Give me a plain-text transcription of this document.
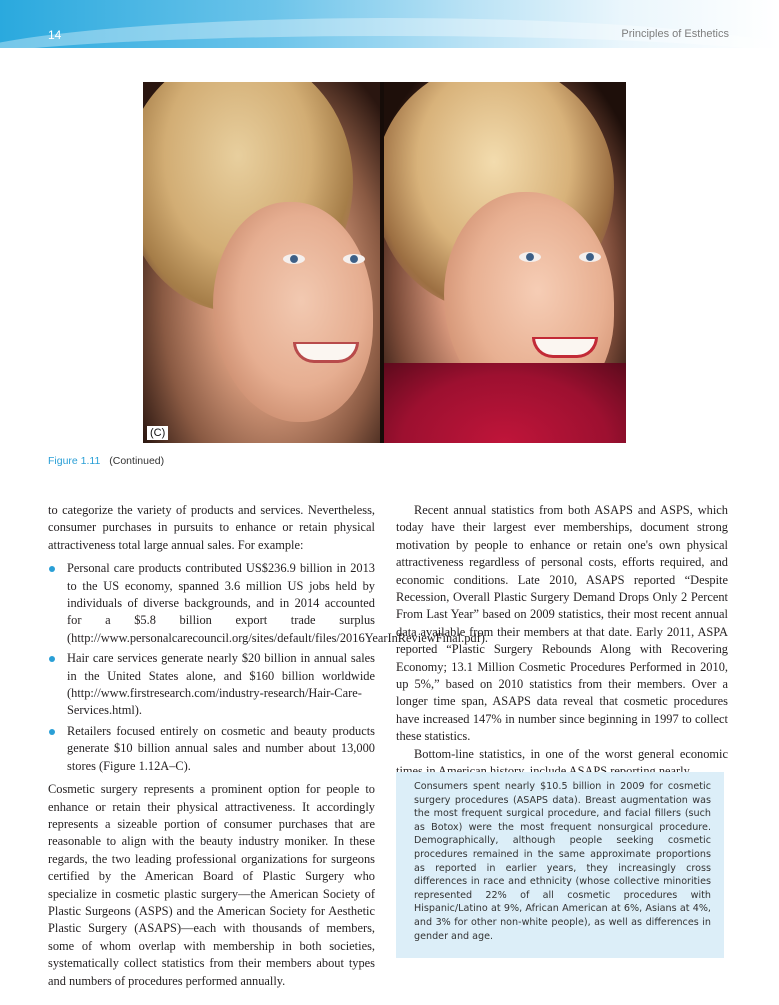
14	Principles of Esthetics
(C)
Figure 1.11 (Continued)

to categorize the variety of products and services. Nevertheless, consumer purchases in pursuits to enhance or retain physical attractiveness total large annual sales. For example:

Personal care products contributed US$236.9 billion in 2013 to the US economy, spanned 3.6 million US jobs held by individuals of diverse backgrounds, and in 2014 accounted for a $5.8 billion export trade surplus (http://www.personalcarecouncil.org/sites/default/files/2016YearInReviewFinal.pdf).
Hair care services generate nearly $20 billion in annual sales in the United States alone, and $160 billion worldwide (http://www.firstresearch.com/industry-research/Hair-Care-Services.html).
Retailers focused entirely on cosmetic and beauty products generate $10 billion annual sales and number about 13,000 stores (Figure 1.12A–C).

Cosmetic surgery represents a prominent option for people to enhance or retain their physical attractiveness. It accordingly represents a sizeable portion of consumer purchases that are reasonable to align with the beauty industry moniker. In these regards, the two leading professional organizations for surgeons certified by the American Board of Plastic Surgery who specialize in cosmetic plastic surgery—the American Society of Plastic Surgeons (ASPS) and the American Society for Aesthetic Plastic Surgery (ASAPS)—each with thousands of members, some of whom overlap with membership in both societies, systematically collect statistics from their members about types and numbers of procedures performed annually.

Recent annual statistics from both ASAPS and ASPS, which today have their largest ever memberships, document strong motivation by people to enhance or retain one's own physical attractiveness regardless of personal costs, efforts required, and economic conditions. Late 2010, ASAPS reported “Despite Recession, Overall Plastic Surgery Demand Drops Only 2 Percent From Last Year” based on 2009 statistics, their most recent annual data available from their members at that date. Early 2011, ASPA reported “Plastic Surgery Rebounds Along with Recovering Economy; 13.1 Million Cosmetic Procedures Performed in 2010, up 5%,” based on 2010 statistics from their members. Over a longer time span, ASAPS data reveal that cosmetic procedures have increased 147% in number since beginning in 1997 to collect these statistics.

Bottom-line statistics, in one of the worst general economic

Consumers spent nearly $10.5 billion in 2009 for cosmetic surgery procedures (ASAPS data). Breast augmentation was the most frequent surgical procedure, and facial fillers (such as Botox) were the most frequent nonsurgical procedure. Demographically, although people seeking cosmetic procedures remained in the same approximate proportions as reported in earlier years, they increasingly cross differences in race and ethnicity (whose collective minorities represented 22% of all cosmetic procedures with Hispanic/Latino at 9%, African American at 6%, Asians at 4%, and 3% for other non-white people), as well as differences in gender and age.
